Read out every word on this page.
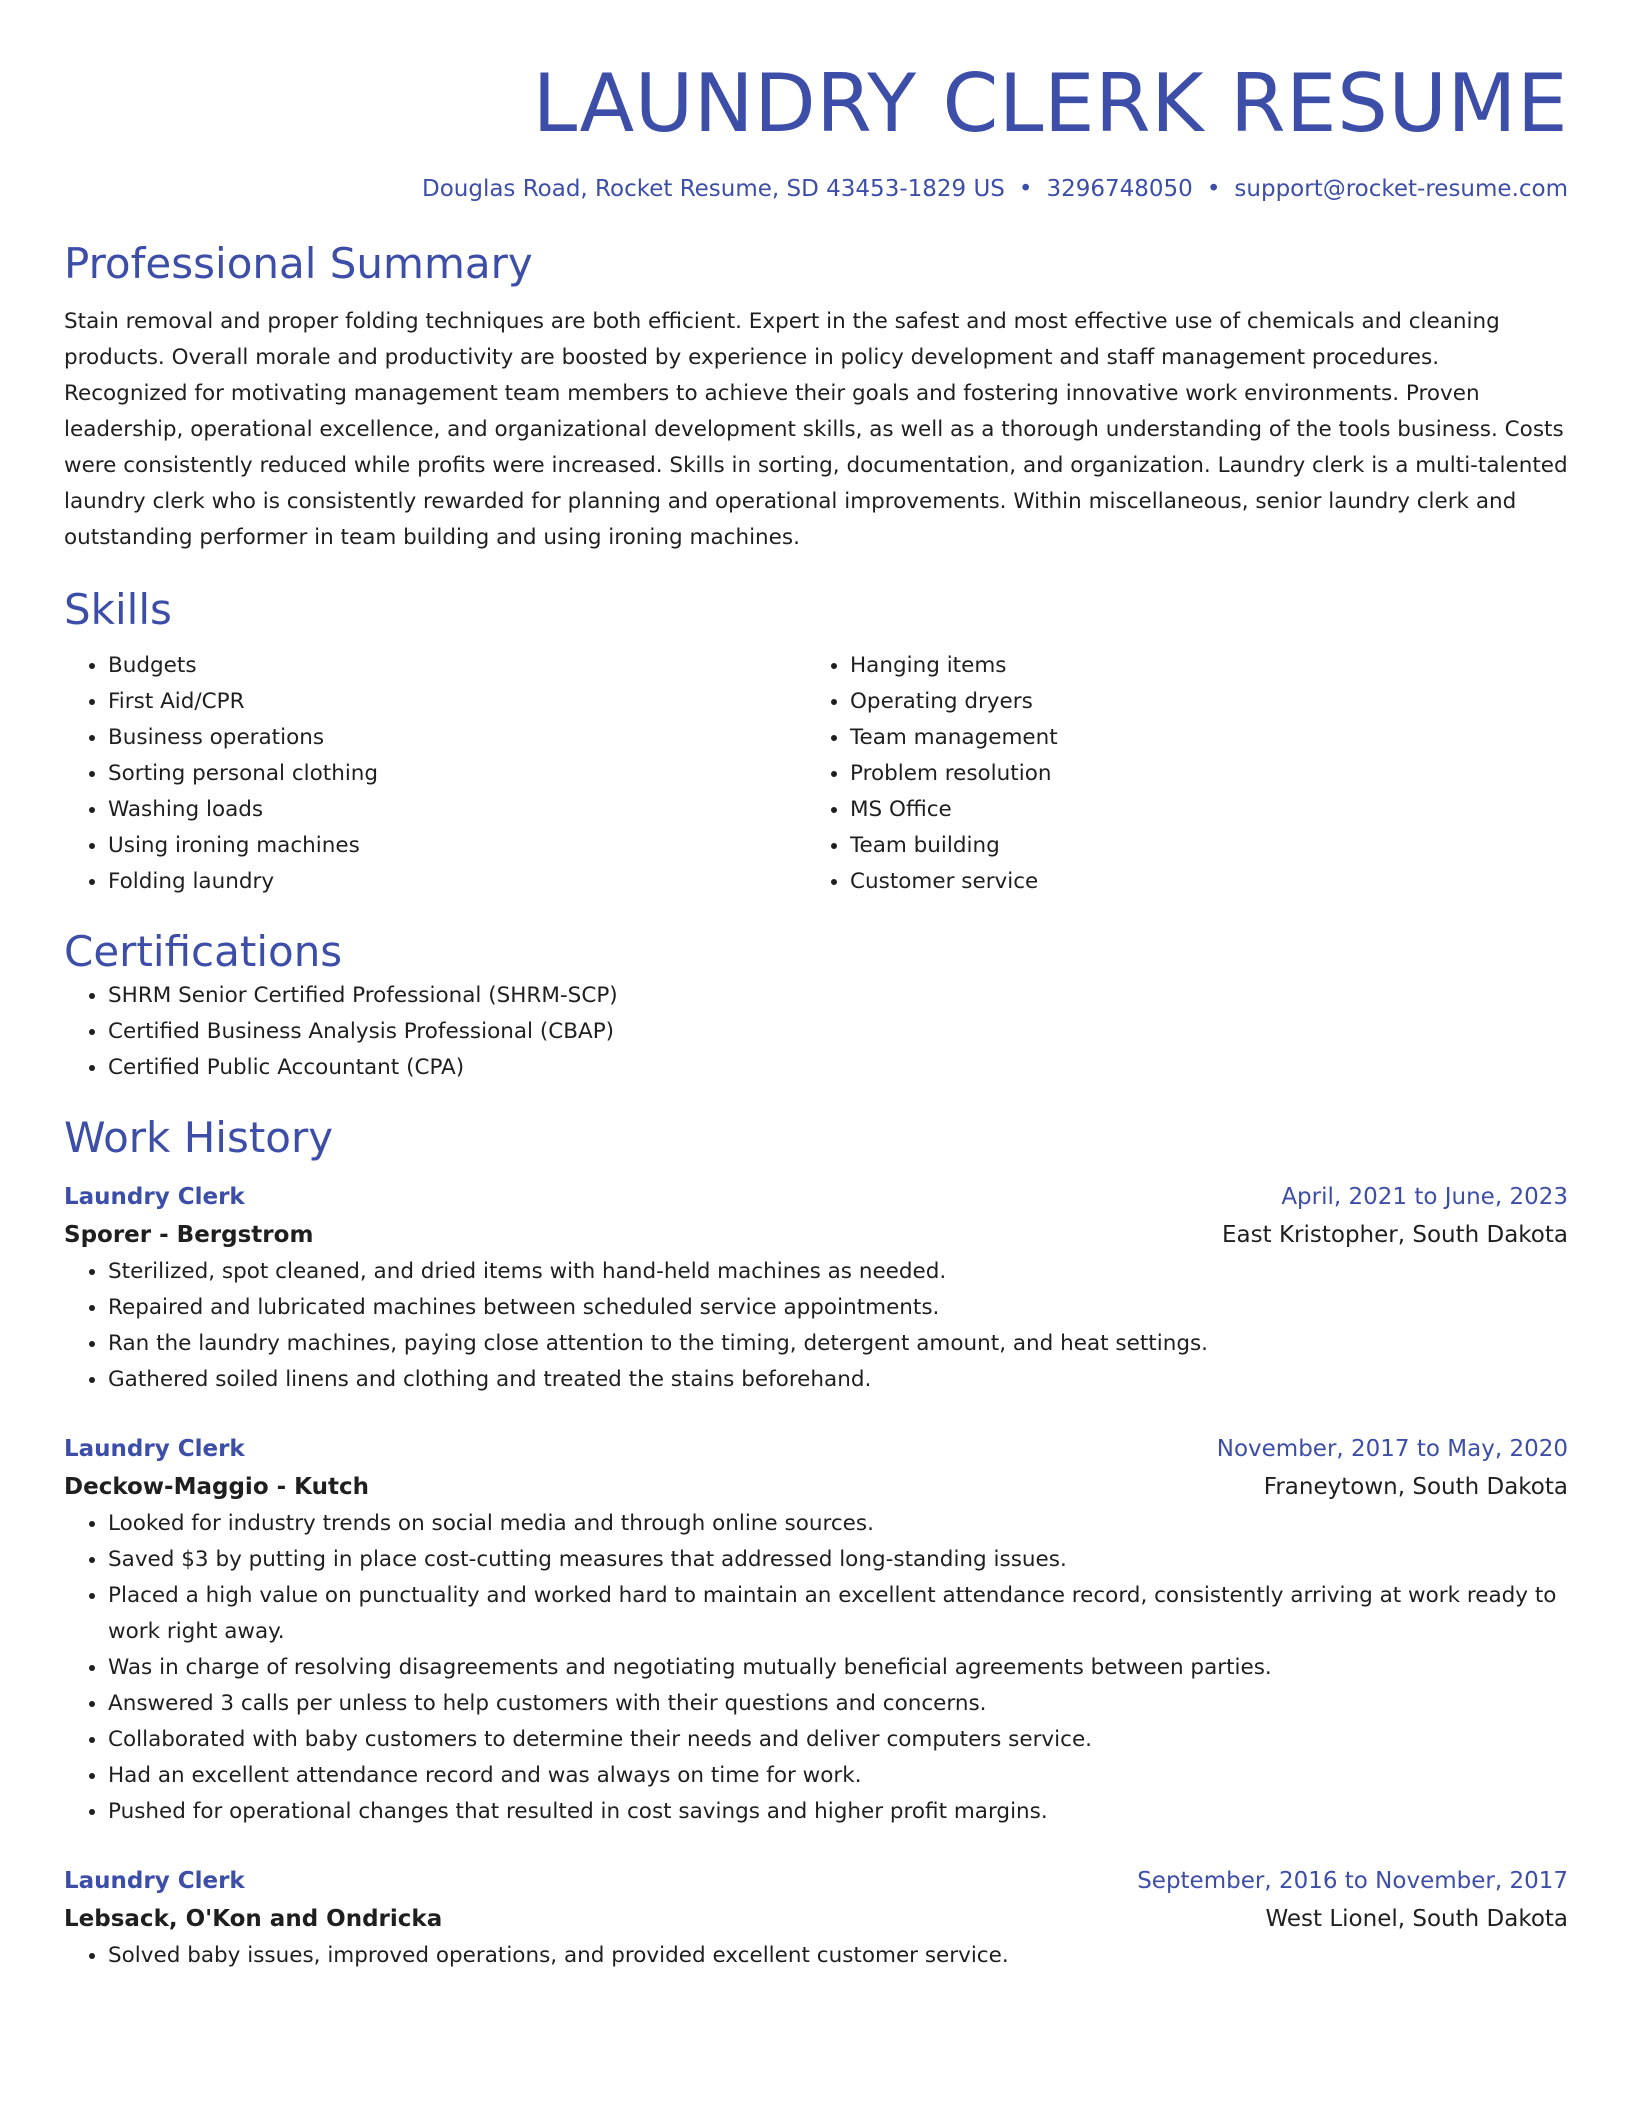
LAUNDRY CLERK RESUME
Douglas Road, Rocket Resume, SD 43453-1829 US • 3296748050 • support@rocket-resume.com
Professional Summary

Stain removal and proper folding techniques are both efficient. Expert in the safest and most effective use of chemicals and cleaning products. Overall morale and productivity are boosted by experience in policy development and staff management procedures. Recognized for motivating management team members to achieve their goals and fostering innovative work environments. Proven leadership, operational excellence, and organizational development skills, as well as a thorough understanding of the tools business. Costs were consistently reduced while profits were increased. Skills in sorting, documentation, and organization. Laundry clerk is a multi-talented laundry clerk who is consistently rewarded for planning and operational improvements. Within miscellaneous, senior laundry clerk and outstanding performer in team building and using ironing machines.

Skills
• Budgets
• First Aid/CPR
• Business operations
• Sorting personal clothing
• Washing loads
• Using ironing machines
• Folding laundry
• Hanging items
• Operating dryers
• Team management
• Problem resolution
• MS Office
• Team building
• Customer service
Certifications
• SHRM Senior Certified Professional (SHRM-SCP)
• Certified Business Analysis Professional (CBAP)
• Certified Public Accountant (CPA)
Work History
Laundry Clerk	April, 2021 to June, 2023
Sporer - Bergstrom	East Kristopher, South Dakota
• Sterilized, spot cleaned, and dried items with hand-held machines as needed.
• Repaired and lubricated machines between scheduled service appointments.
• Ran the laundry machines, paying close attention to the timing, detergent amount, and heat settings.
• Gathered soiled linens and clothing and treated the stains beforehand.
Laundry Clerk	November, 2017 to May, 2020
Deckow-Maggio - Kutch	Franeytown, South Dakota
• Looked for industry trends on social media and through online sources.
• Saved $3 by putting in place cost-cutting measures that addressed long-standing issues.
• Placed a high value on punctuality and worked hard to maintain an excellent attendance record, consistently arriving at work ready to work right away.
• Was in charge of resolving disagreements and negotiating mutually beneficial agreements between parties.
• Answered 3 calls per unless to help customers with their questions and concerns.
• Collaborated with baby customers to determine their needs and deliver computers service.
• Had an excellent attendance record and was always on time for work.
• Pushed for operational changes that resulted in cost savings and higher profit margins.
Laundry Clerk	September, 2016 to November, 2017
Lebsack, O'Kon and Ondricka	West Lionel, South Dakota
• Solved baby issues, improved operations, and provided excellent customer service.
